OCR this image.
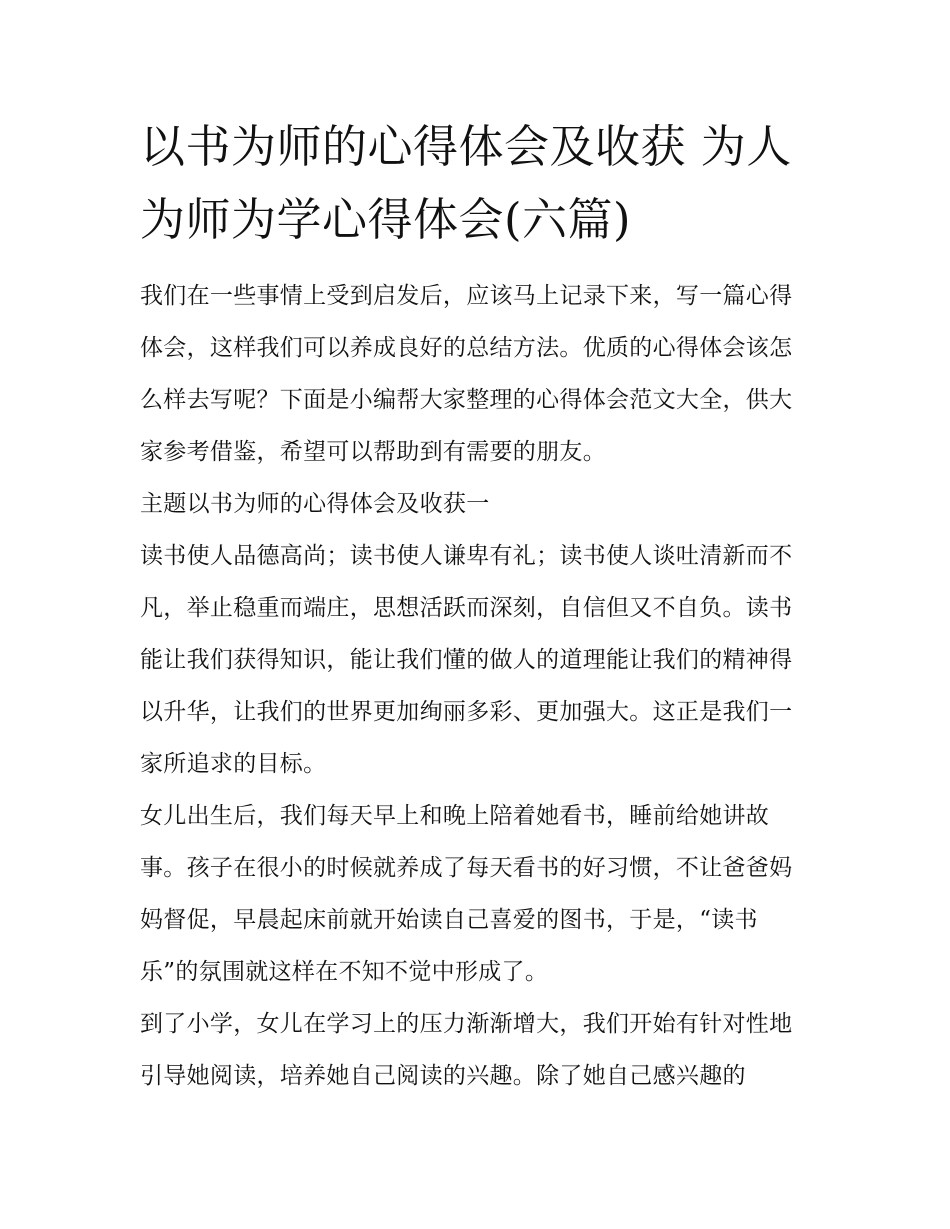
以书为师的心得体会及收获 为人为师为学心得体会(六篇)

我们在一些事情上受到启发后，应该马上记录下来，写一篇心得体会，这样我们可以养成良好的总结方法。优质的心得体会该怎么样去写呢？下面是小编帮大家整理的心得体会范文大全，供大家参考借鉴，希望可以帮助到有需要的朋友。

主题以书为师的心得体会及收获一

读书使人品德高尚；读书使人谦卑有礼；读书使人谈吐清新而不凡，举止稳重而端庄，思想活跃而深刻，自信但又不自负。读书能让我们获得知识，能让我们懂的做人的道理能让我们的精神得以升华，让我们的世界更加绚丽多彩、更加强大。这正是我们一家所追求的目标。

女儿出生后，我们每天早上和晚上陪着她看书，睡前给她讲故事。孩子在很小的时候就养成了每天看书的好习惯，不让爸爸妈妈督促，早晨起床前就开始读自己喜爱的图书，于是，“读书乐”的氛围就这样在不知不觉中形成了。

到了小学，女儿在学习上的压力渐渐增大，我们开始有针对性地引导她阅读，培养她自己阅读的兴趣。除了她自己感兴趣的
